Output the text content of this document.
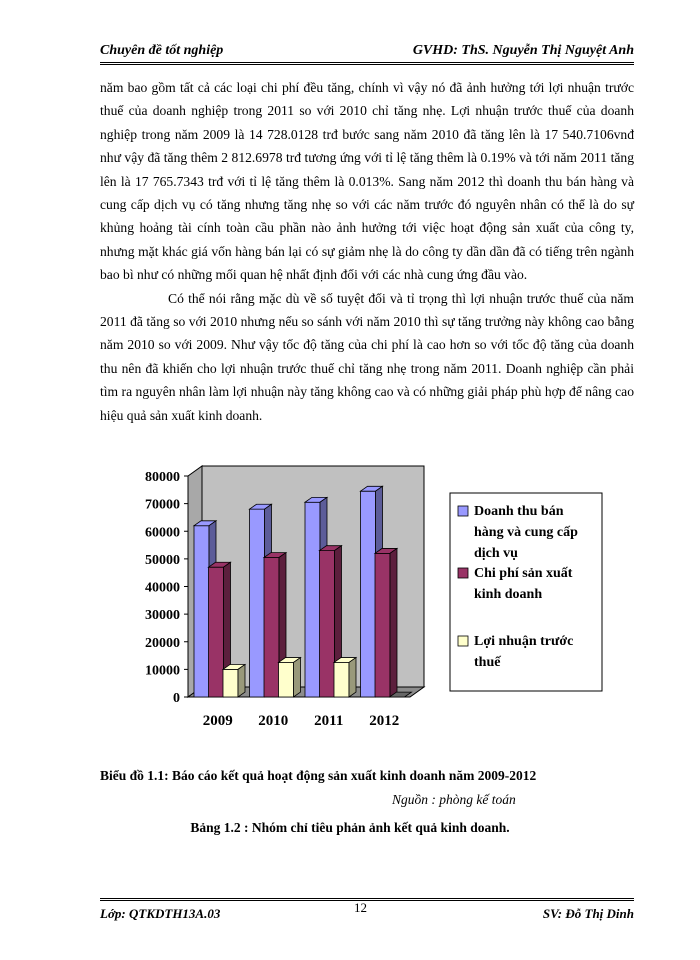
Chuyên đề tốt nghiệp	GVHD: ThS. Nguyễn Thị Nguyệt Anh

năm bao gồm tất cả các loại chi phí đều tăng, chính vì vậy nó đã ảnh hưởng tới lợi nhuận trước thuế của doanh nghiệp trong 2011 so với 2010 chỉ tăng nhẹ. Lợi nhuận trước thuế của doanh nghiệp trong năm 2009 là 14 728.0128 trđ bước sang năm 2010 đã tăng lên là 17 540.7106vnđ như vậy đã tăng thêm 2 812.6978 trđ tương ứng với tỉ lệ tăng thêm là 0.19% và tới năm 2011 tăng lên là 17 765.7343 trđ với tỉ lệ tăng thêm là 0.013%. Sang năm 2012 thì doanh thu bán hàng và cung cấp dịch vụ có tăng nhưng tăng nhẹ so với các năm trước đó nguyên nhân có thể là do sự khủng hoảng tài cính toàn cầu phần nào ảnh hưởng tới việc hoạt động sản xuất của công ty, nhưng mặt khác giá vốn hàng bán lại có sự giảm nhẹ là do công ty dần dần đã có tiếng trên ngành bao bì như có những mối quan hệ nhất định đối với các nhà cung ứng đầu vào.

Có thể nói rằng mặc dù về số tuyệt đối và tỉ trọng thì lợi nhuận trước thuế của năm 2011 đã tăng so với 2010 nhưng nếu so sánh với năm 2010 thì sự tăng trưởng này không cao bằng năm 2010 so với 2009. Như vậy tốc độ tăng của chi phí là cao hơn so với tốc độ tăng của doanh thu nên đã khiến cho lợi nhuận trước thuế chỉ tăng nhẹ trong năm 2011. Doanh nghiệp cần phải tìm ra nguyên nhân làm lợi nhuận này tăng không cao và có những giải pháp phù hợp để nâng cao hiệu quả sản xuất kinh doanh.

0
10000
20000
30000
40000
50000
60000
70000
80000
2009 2010 2011 2012
Doanh thu bán
hàng và cung cấp
dịch vụ
Chi phí sản xuất
kinh doanh
Lợi nhuận trước
thuế
Biểu đồ 1.1: Báo cáo kết quả hoạt động sản xuất kinh doanh năm 2009-2012
Nguồn : phòng kế toán
Bảng 1.2 : Nhóm chỉ tiêu phản ảnh kết quả kinh doanh.
Lớp: QTKDTH13A.03	12	SV: Đỗ Thị Dinh
